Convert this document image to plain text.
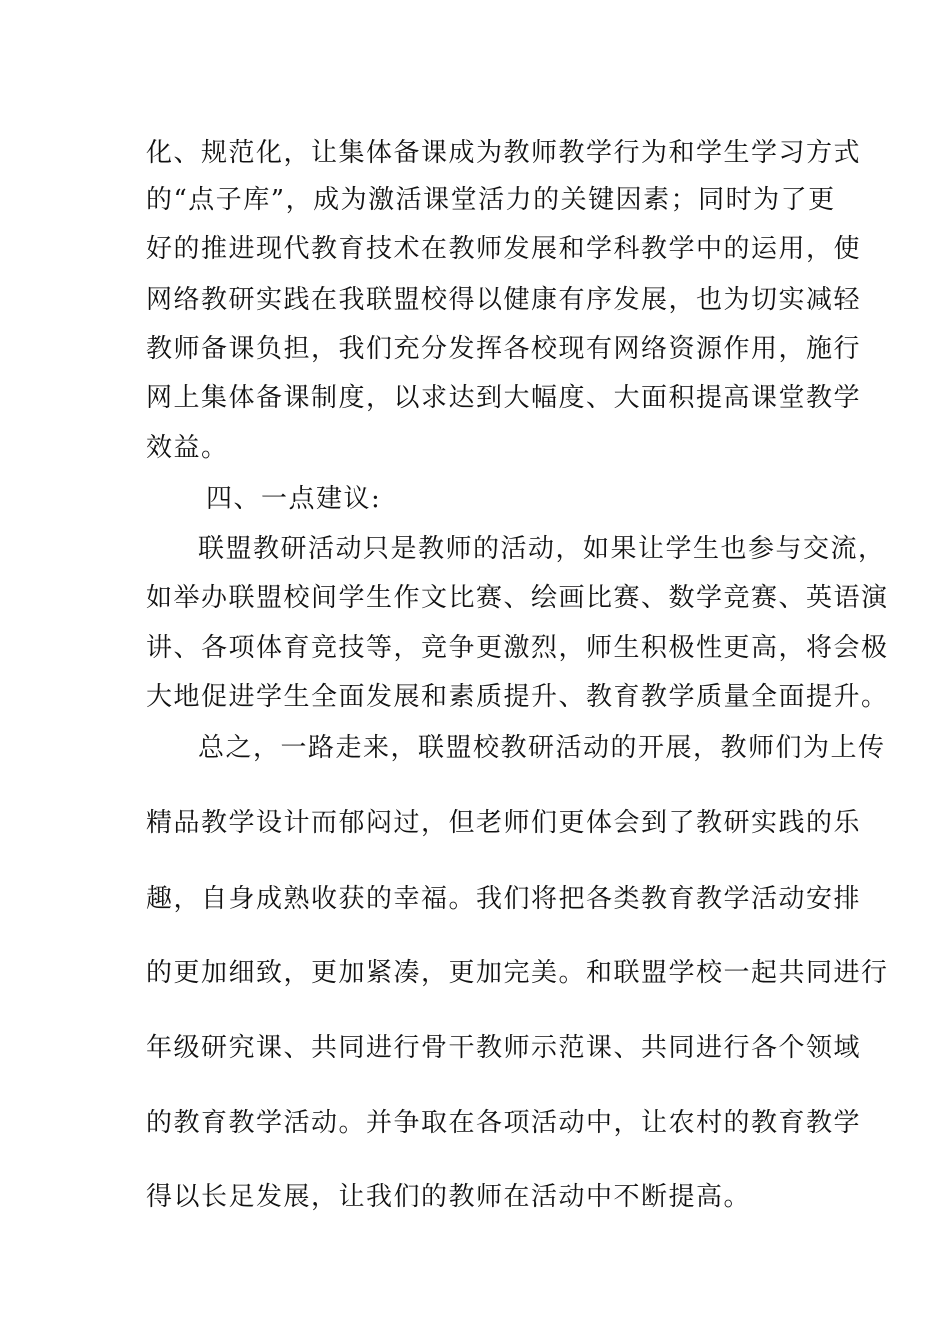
化、规范化，让集体备课成为教师教学行为和学生学习方式
的“点子库”，成为激活课堂活力的关键因素；同时为了更
好的推进现代教育技术在教师发展和学科教学中的运用，使
网络教研实践在我联盟校得以健康有序发展，也为切实减轻
教师备课负担，我们充分发挥各校现有网络资源作用，施行
网上集体备课制度，以求达到大幅度、大面积提高课堂教学
效益。
四、一点建议:
联盟教研活动只是教师的活动，如果让学生也参与交流，
如举办联盟校间学生作文比赛、绘画比赛、数学竞赛、英语演
讲、各项体育竞技等，竞争更激烈，师生积极性更高，将会极
大地促进学生全面发展和素质提升、教育教学质量全面提升。
总之，一路走来，联盟校教研活动的开展，教师们为上传
精品教学设计而郁闷过，但老师们更体会到了教研实践的乐
趣，自身成熟收获的幸福。我们将把各类教育教学活动安排
的更加细致，更加紧凑，更加完美。和联盟学校一起共同进行
年级研究课、共同进行骨干教师示范课、共同进行各个领域
的教育教学活动。并争取在各项活动中，让农村的教育教学
得以长足发展，让我们的教师在活动中不断提高。
